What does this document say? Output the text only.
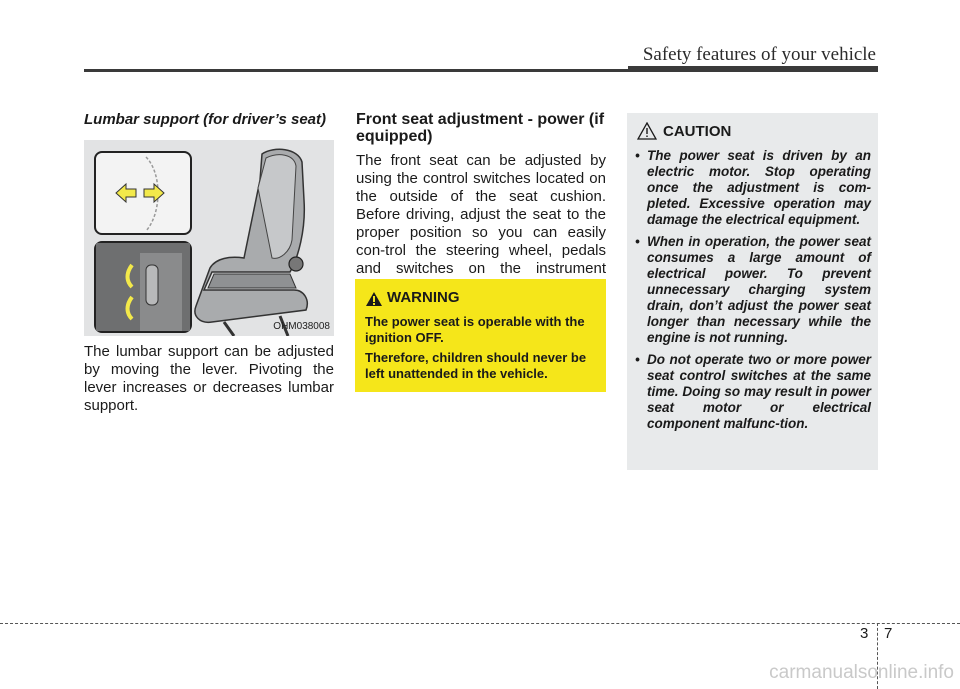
Safety features of your vehicle
Lumbar support (for driver’s seat)
OHM038008
The lumbar support can be adjusted by moving the lever. Pivoting the lever increases or decreases lumbar support.
Front seat adjustment - power (if equipped)
The front seat can be adjusted by using the control switches located on the outside of the seat cushion. Before driving, adjust the seat to the proper position so you can easily con-trol the steering wheel, pedals and switches on the instrument
WARNING
The power seat is operable with the ignition OFF.
Therefore, children should never be left unattended in the vehicle.
CAUTION
• The power seat is driven by an electric motor. Stop operating once the adjustment is com-pleted. Excessive operation may damage the electrical equipment.
• When in operation, the power seat consumes a large amount of electrical power. To prevent unnecessary charging system drain, don’t adjust the power seat longer than necessary while the engine is not running.
• Do not operate two or more power seat control switches at the same time. Doing so may result in power seat motor or electrical component malfunc-tion.
3 7
carmanualsonline.info
